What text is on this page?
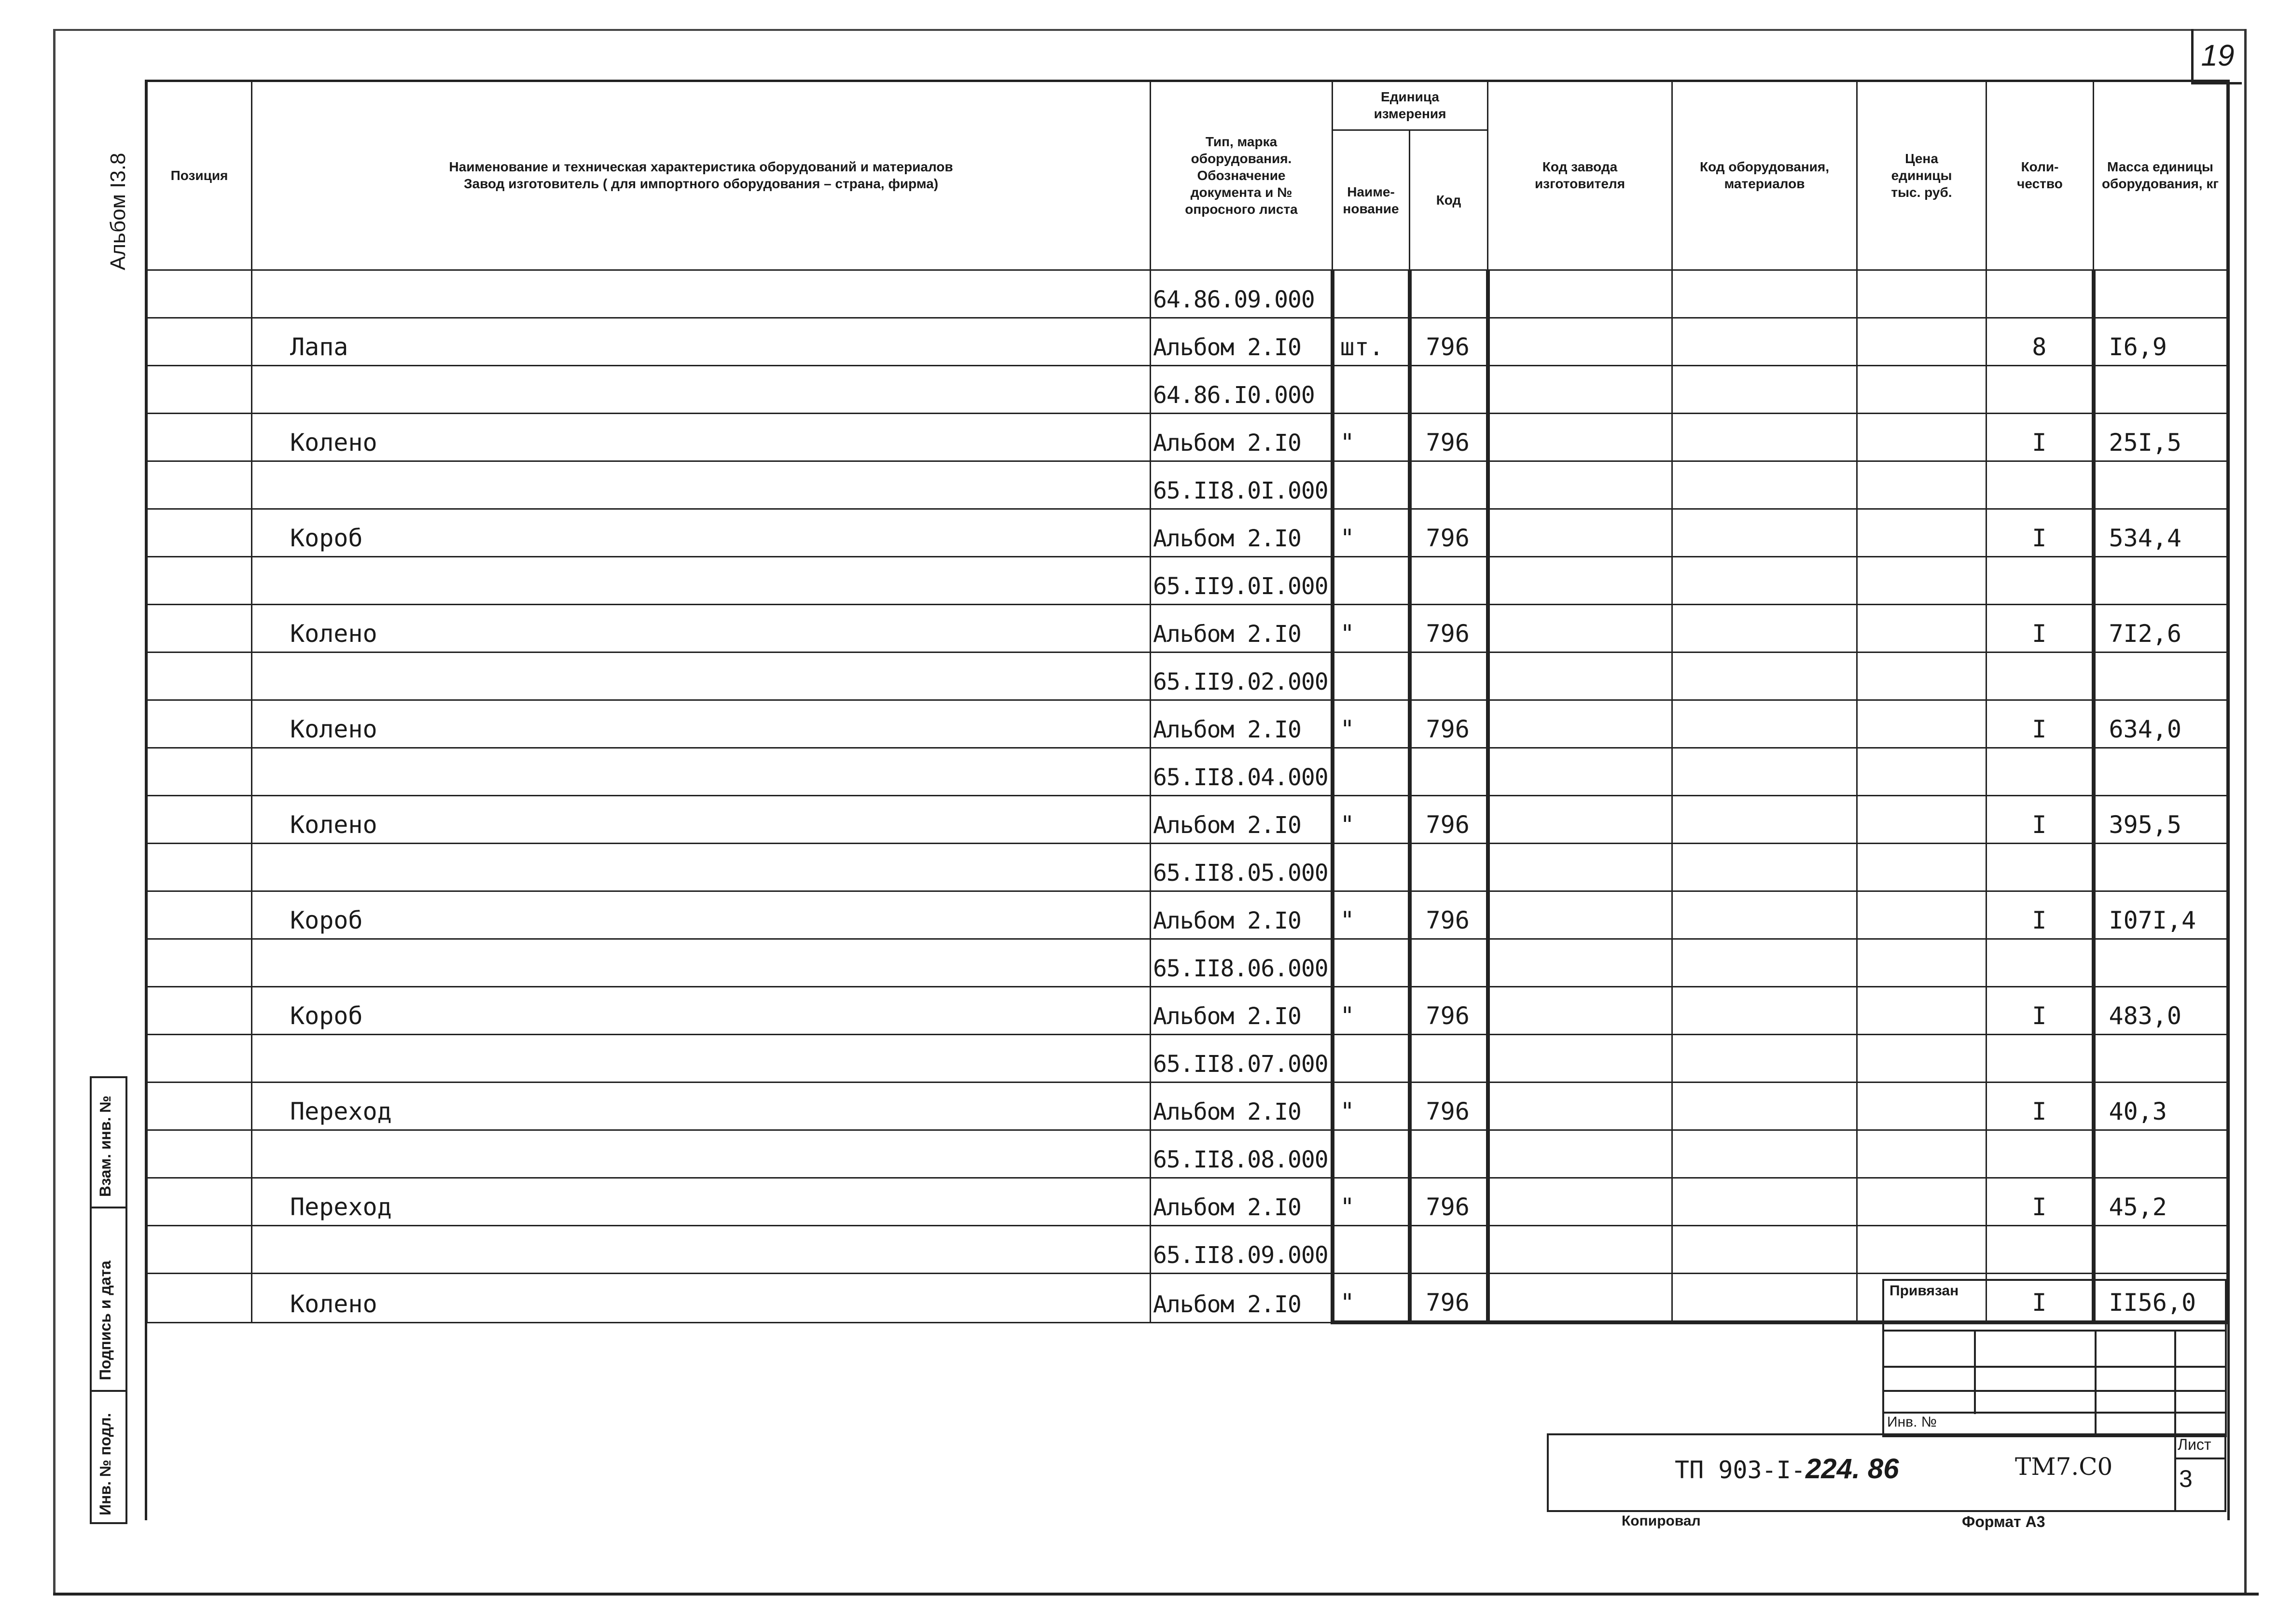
19
Альбом I3.8	Позиция	Наименование и техническая характеристика оборудований и материалов
Завод изготовитель ( для импортного оборудования – страна, фирма)	Тип, марка оборудования. Обозначение документа и № опросного листа	Единица измерения		Код завода изготовителя	Код оборудования, материалов	Цена единицы тыс. руб.	Коли-чество	Масса единицы оборудования, кг
			Наиме-нование	Код					
		64.86.09.000							
	Лапа	Альбом 2.I0	шт.	796				8	I6,9
		64.86.I0.000							
	Колено	Альбом 2.I0	"	796				I	25I,5
		65.II8.0I.000							
	Короб	Альбом 2.I0	"	796				I	534,4
		65.II9.0I.000							
	Колено	Альбом 2.I0	"	796				I	7I2,6
		65.II9.02.000							
	Колено	Альбом 2.I0	"	796				I	634,0
		65.II8.04.000							
	Колено	Альбом 2.I0	"	796				I	395,5
		65.II8.05.000							
	Короб	Альбом 2.I0	"	796				I	I07I,4
		65.II8.06.000							
	Короб	Альбом 2.I0	"	796				I	483,0
		65.II8.07.000							
	Переход	Альбом 2.I0	"	796				I	40,3
		65.II8.08.000							
	Переход	Альбом 2.I0	"	796				I	45,2
		65.II8.09.000							
	Колено	Альбом 2.I0	"	796				I	II56,0
Взам. инв. №
Подпись и дата
Инв. № подл.
Привязан
Инв. №
ТП 903-I-224. 86	ТМ7.С0
Лист
3
Копировал	Формат А3
